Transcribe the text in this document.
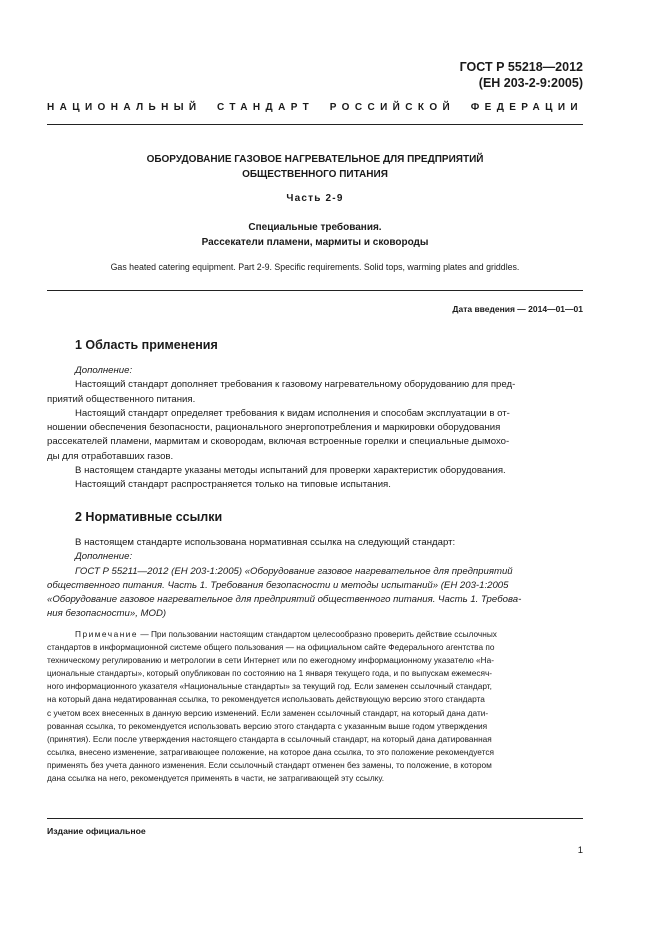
ГОСТ Р 55218—2012
(ЕН 203-2-9:2005)
НАЦИОНАЛЬНЫЙ СТАНДАРТ РОССИЙСКОЙ ФЕДЕРАЦИИ
ОБОРУДОВАНИЕ ГАЗОВОЕ НАГРЕВАТЕЛЬНОЕ ДЛЯ ПРЕДПРИЯТИЙ
ОБЩЕСТВЕННОГО ПИТАНИЯ
Часть 2-9
Специальные требования.
Рассекатели пламени, мармиты и сковороды
Gas heated catering equipment. Part 2-9. Specific requirements. Solid tops, warming plates and griddles.
Дата введения — 2014—01—01
1 Область применения
Дополнение:
Настоящий стандарт дополняет требования к газовому нагревательному оборудованию для пред-
приятий общественного питания.
Настоящий стандарт определяет требования к видам исполнения и способам эксплуатации в от-
ношении обеспечения безопасности, рационального энергопотребления и маркировки оборудования
рассекателей пламени, мармитам и сковородам, включая встроенные горелки и специальные дымохо-
ды для отработавших газов.
В настоящем стандарте указаны методы испытаний для проверки характеристик оборудования.
Настоящий стандарт распространяется только на типовые испытания.
2 Нормативные ссылки
В настоящем стандарте использована нормативная ссылка на следующий стандарт:
Дополнение:
ГОСТ Р 55211—2012 (ЕН 203-1:2005) «Оборудование газовое нагревательное для предприятий
общественного питания. Часть 1. Требования безопасности и методы испытаний» (ЕН 203-1:2005
«Оборудование газовое нагревательное для предприятий общественного питания. Часть 1. Требова-
ния безопасности», MOD)
Примечание — При пользовании настоящим стандартом целесообразно проверить действие ссылочных
стандартов в информационной системе общего пользования — на официальном сайте Федерального агентства по
техническому регулированию и метрологии в сети Интернет или по ежегодному информационному указателю «На-
циональные стандарты», который опубликован по состоянию на 1 января текущего года, и по выпускам ежемесяч-
ного информационного указателя «Национальные стандарты» за текущий год. Если заменен ссылочный стандарт,
на который дана недатированная ссылка, то рекомендуется использовать действующую версию этого стандарта
с учетом всех внесенных в данную версию изменений. Если заменен ссылочный стандарт, на который дана дати-
рованная ссылка, то рекомендуется использовать версию этого стандарта с указанным выше годом утверждения
(принятия). Если после утверждения настоящего стандарта в ссылочный стандарт, на который дана датированная
ссылка, внесено изменение, затрагивающее положение, на которое дана ссылка, то это положение рекомендуется
применять без учета данного изменения. Если ссылочный стандарт отменен без замены, то положение, в котором
дана ссылка на него, рекомендуется применять в части, не затрагивающей эту ссылку.
Издание официальное
1
